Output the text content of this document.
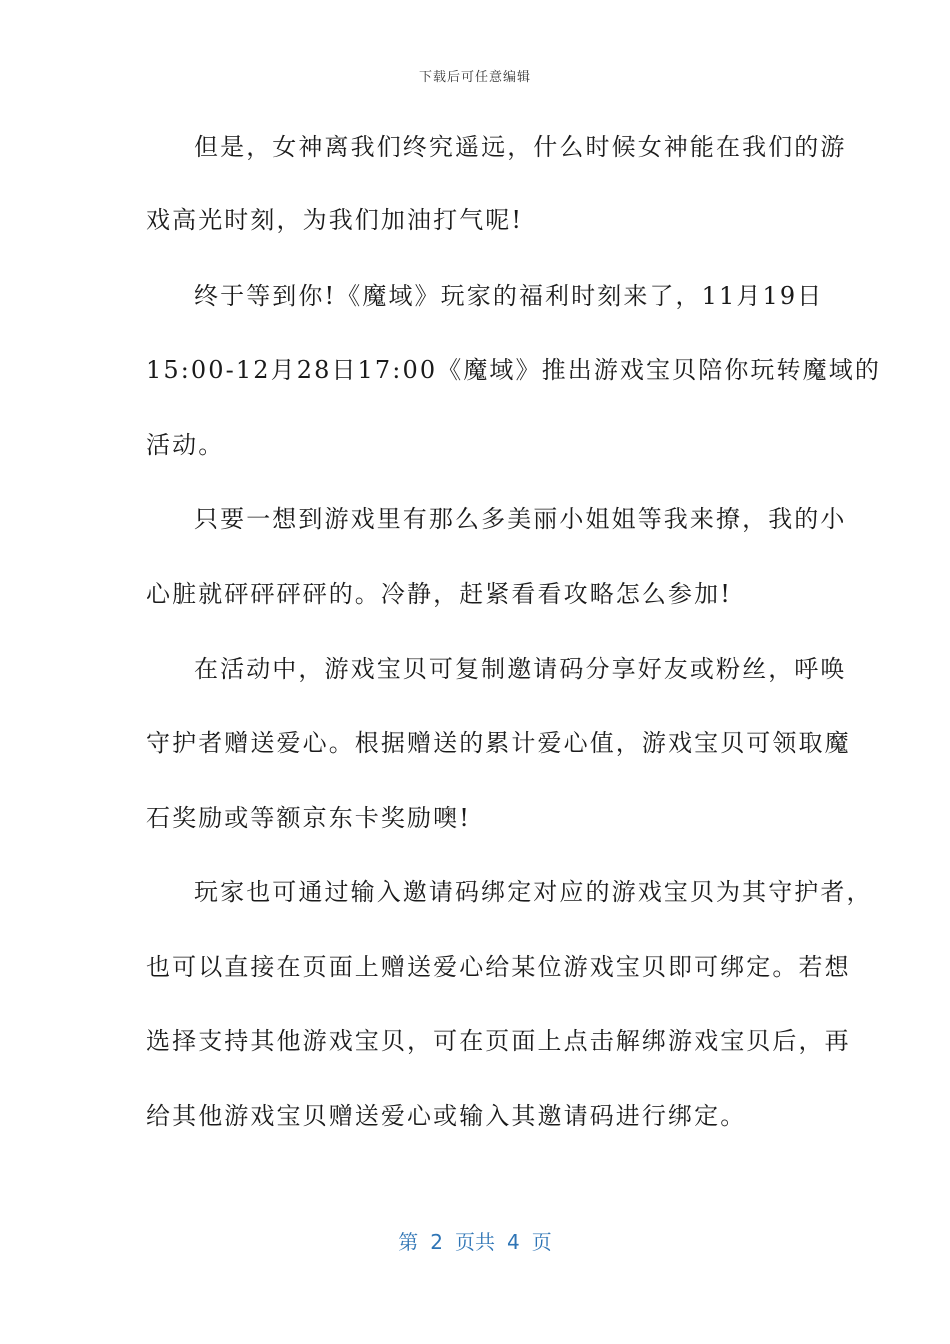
下载后可任意编辑
但是，女神离我们终究遥远，什么时候女神能在我们的游
戏高光时刻，为我们加油打气呢!
终于等到你!《魔域》玩家的福利时刻来了，11月19日
15:00-12月28日17:00《魔域》推出游戏宝贝陪你玩转魔域的
活动。
只要一想到游戏里有那么多美丽小姐姐等我来撩，我的小
心脏就砰砰砰砰的。冷静，赶紧看看攻略怎么参加!
在活动中，游戏宝贝可复制邀请码分享好友或粉丝，呼唤
守护者赠送爱心。根据赠送的累计爱心值，游戏宝贝可领取魔
石奖励或等额京东卡奖励噢!
玩家也可通过输入邀请码绑定对应的游戏宝贝为其守护者，
也可以直接在页面上赠送爱心给某位游戏宝贝即可绑定。若想
选择支持其他游戏宝贝，可在页面上点击解绑游戏宝贝后，再
给其他游戏宝贝赠送爱心或输入其邀请码进行绑定。
第 2 页共 4 页
